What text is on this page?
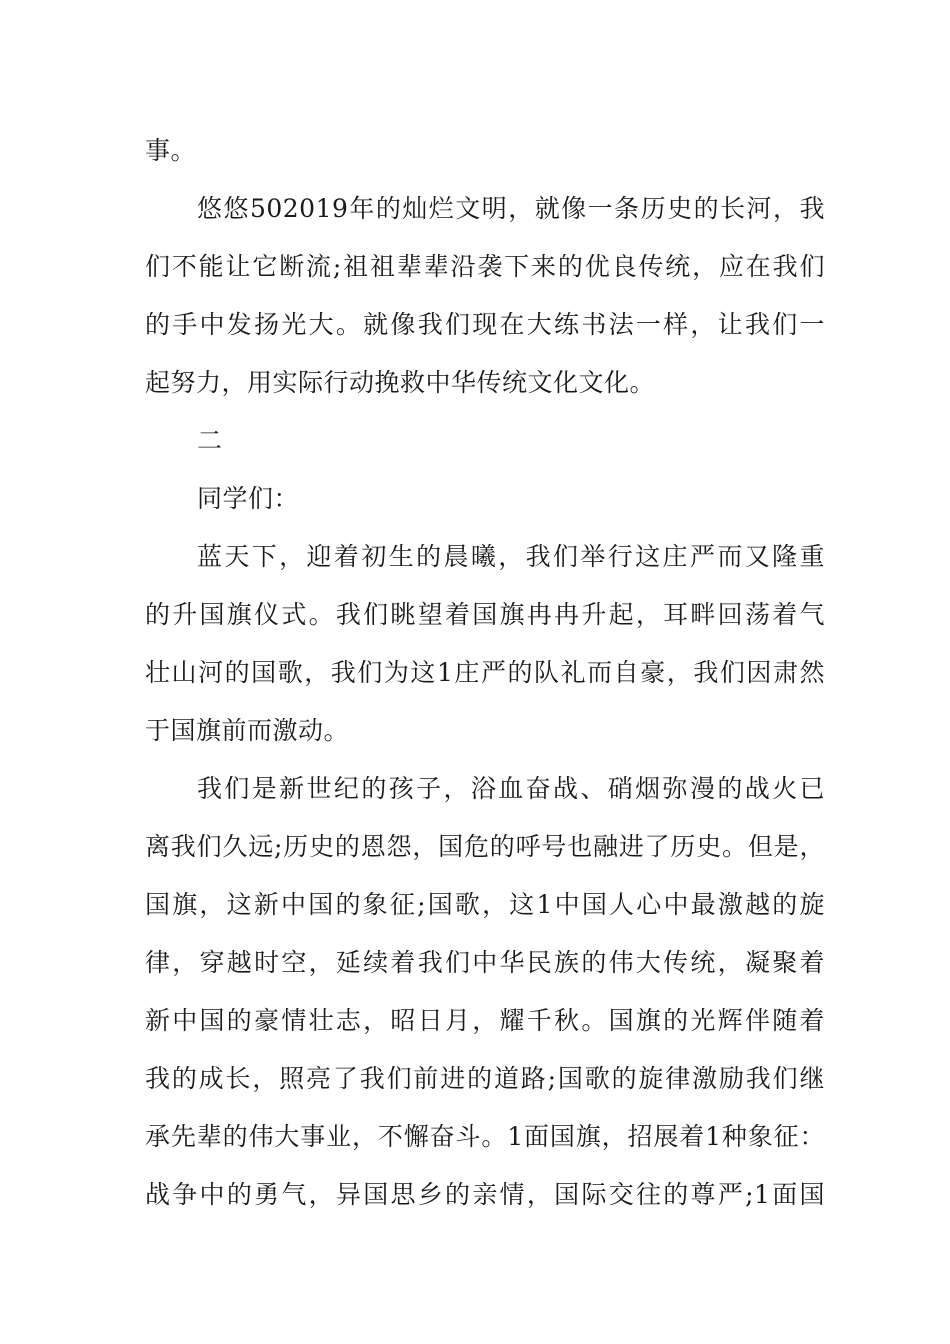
事。
悠悠502019年的灿烂文明，就像一条历史的长河，我
们不能让它断流;祖祖辈辈沿袭下来的优良传统，应在我们
的手中发扬光大。就像我们现在大练书法一样，让我们一
起努力，用实际行动挽救中华传统文化文化。
二
同学们：
蓝天下，迎着初生的晨曦，我们举行这庄严而又隆重
的升国旗仪式。我们眺望着国旗冉冉升起，耳畔回荡着气
壮山河的国歌，我们为这1庄严的队礼而自豪，我们因肃然
于国旗前而激动。
我们是新世纪的孩子，浴血奋战、硝烟弥漫的战火已
离我们久远;历史的恩怨，国危的呼号也融进了历史。但是，
国旗，这新中国的象征;国歌，这1中国人心中最激越的旋
律，穿越时空，延续着我们中华民族的伟大传统，凝聚着
新中国的豪情壮志，昭日月，耀千秋。国旗的光辉伴随着
我的成长，照亮了我们前进的道路;国歌的旋律激励我们继
承先辈的伟大事业，不懈奋斗。1面国旗，招展着1种象征：
战争中的勇气，异国思乡的亲情，国际交往的尊严;1面国
